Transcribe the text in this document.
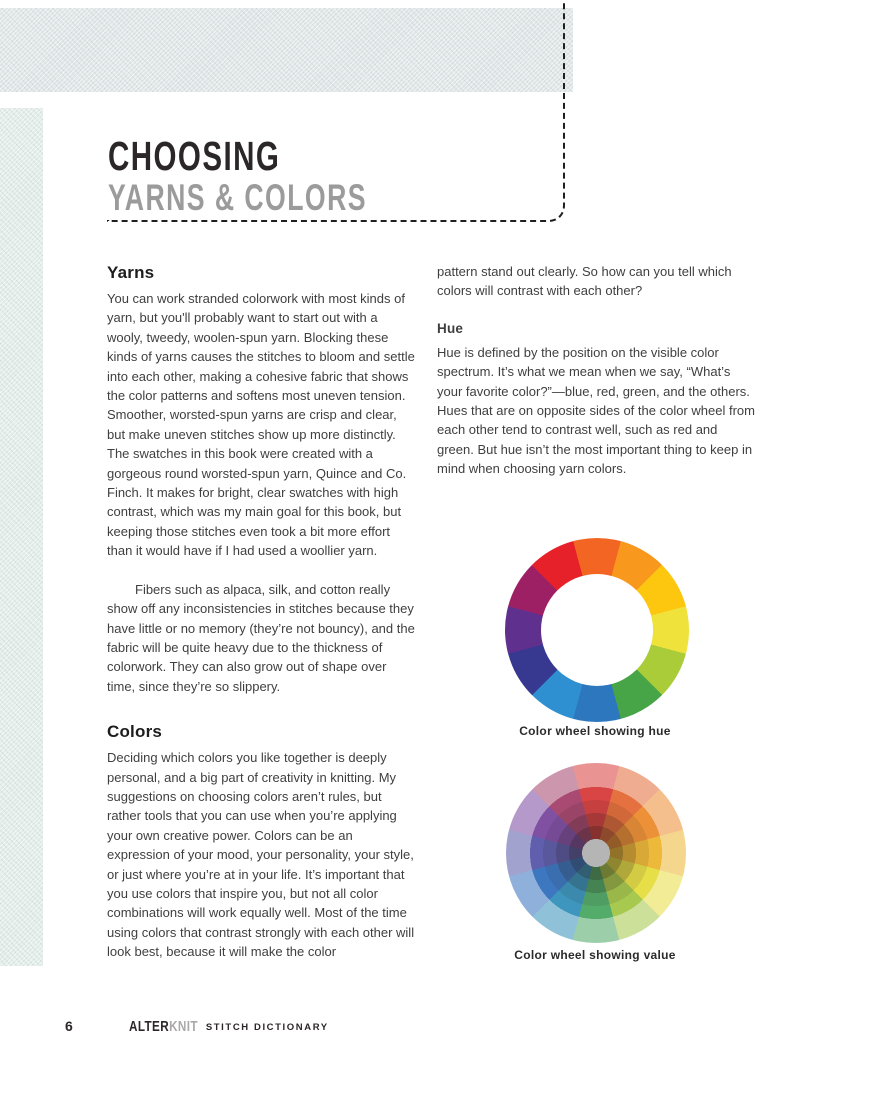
CHOOSING
YARNS & COLORS
Yarns

You can work stranded colorwork with most kinds of yarn, but you'll probably want to start out with a wooly, tweedy, woolen-spun yarn. Blocking these kinds of yarns causes the stitches to bloom and settle into each other, making a cohesive fabric that shows the color patterns and softens most uneven tension. Smoother, worsted-spun yarns are crisp and clear, but make uneven stitches show up more distinctly. The swatches in this book were created with a gorgeous round worsted-spun yarn, Quince and Co. Finch. It makes for bright, clear swatches with high contrast, which was my main goal for this book, but keeping those stitches even took a bit more effort than it would have if I had used a woollier yarn.

Fibers such as alpaca, silk, and cotton really show off any inconsistencies in stitches because they have little or no memory (they’re not bouncy), and the fabric will be quite heavy due to the thickness of colorwork. They can also grow out of shape over time, since they’re so slippery.

Colors

Deciding which colors you like together is deeply personal, and a big part of creativity in knitting. My suggestions on choosing colors aren’t rules, but rather tools that you can use when you’re applying your own creative power. Colors can be an expression of your mood, your personality, your style, or just where you’re at in your life. It’s important that you use colors that inspire you, but not all color combinations will work equally well. Most of the time using colors that contrast strongly with each other will look best, because it will make the color

pattern stand out clearly. So how can you tell which colors will contrast with each other?

Hue

Hue is defined by the position on the visible color spectrum. It’s what we mean when we say, “What’s your favorite color?”—blue, red, green, and the others. Hues that are on opposite sides of the color wheel from each other tend to contrast well, such as red and green. But hue isn’t the most important thing to keep in mind when choosing yarn colors.

Color wheel showing hue
Color wheel showing value
6	ALTERKNIT STITCH DICTIONARY
